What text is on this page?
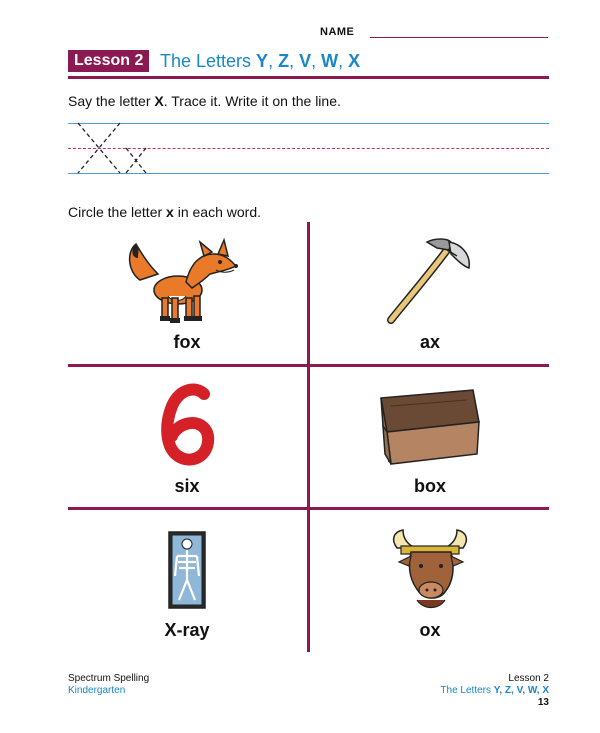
NAME
Lesson 2 The Letters Y, Z, V, W, X
Say the letter X. Trace it. Write it on the line.
Circle the letter x in each word.
fox	ax
six	box
X-ray	ox
Spectrum Spelling
Kindergarten
Lesson 2
The Letters Y, Z, V, W, X
13
